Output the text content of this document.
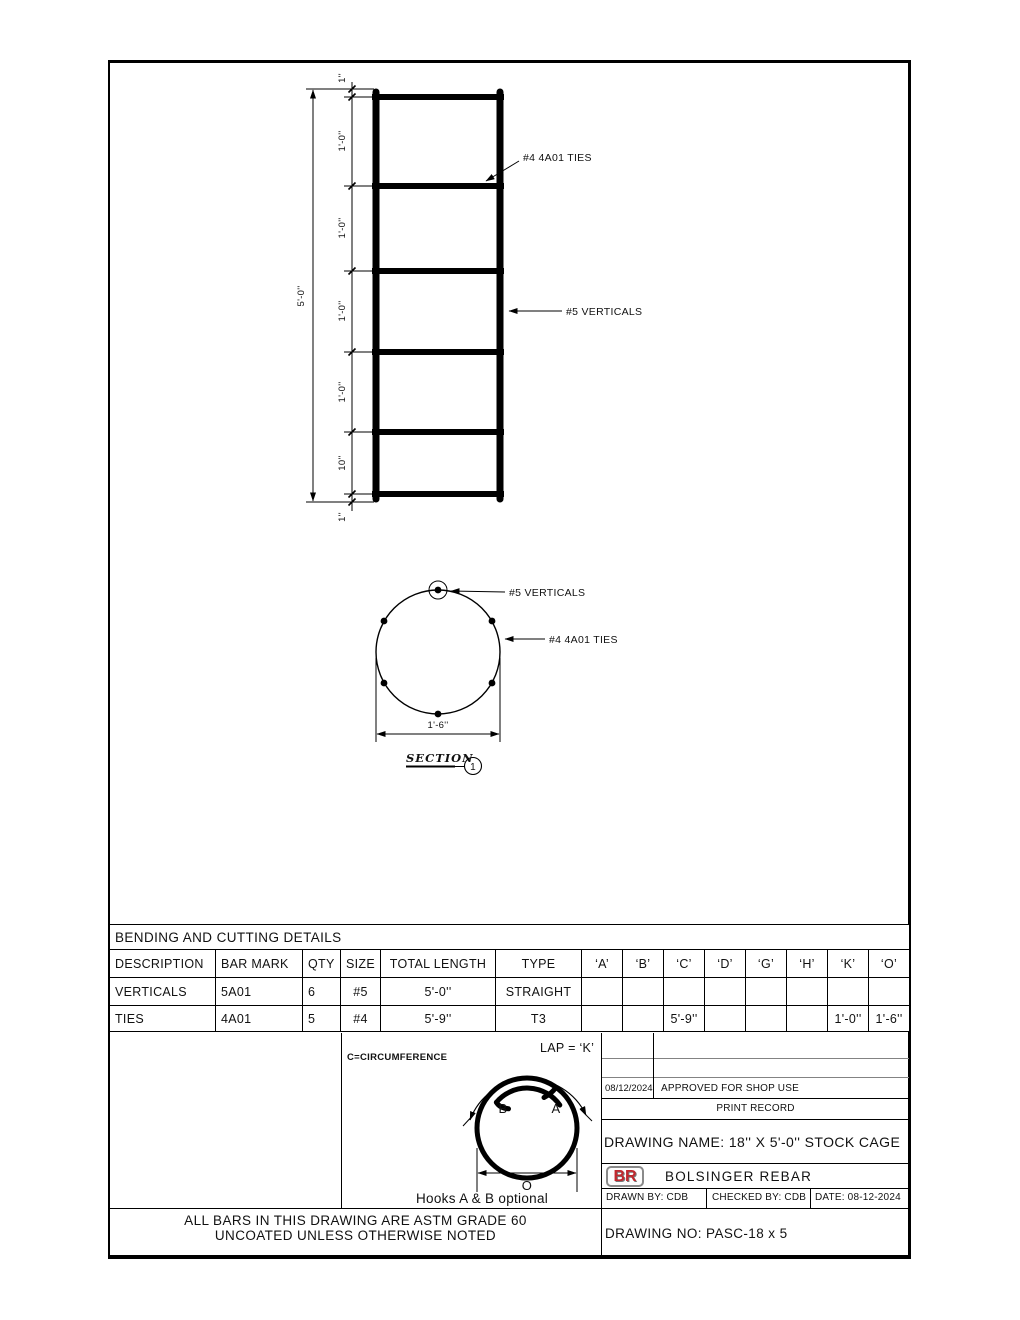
1''
1'-0''
1'-0''
1'-0''
1'-0''
10''
1''
5'-0''
#4 4A01 TIES
#5 VERTICALS
#5 VERTICALS
#4 4A01 TIES
1'-6''
SECTION
1
LAP = ‘K’
C=CIRCUMFERENCE
B	A
O
Hooks A & B optional
BENDING AND CUTTING DETAILS													
DESCRIPTION	BAR MARK	QTY	SIZE	TOTAL LENGTH	TYPE	‘A’	‘B’	‘C’	‘D’	‘G’	‘H’	‘K’	‘O’
VERTICALS	5A01	6	#5	5'-0''	STRAIGHT								
TIES	4A01	5	#4	5'-9''	T3			5'-9''				1'-0''	1'-6''
08/12/2024 APPROVED FOR SHOP USE
PRINT RECORD
DRAWING NAME: 18'' X 5'-0'' STOCK CAGE
BR	BOLSINGER REBAR
DRAWN BY: CDB CHECKED BY: CDB DATE: 08-12-2024
DRAWING NO: PASC-18 x 5
ALL BARS IN THIS DRAWING ARE ASTM GRADE 60
UNCOATED UNLESS OTHERWISE NOTED
